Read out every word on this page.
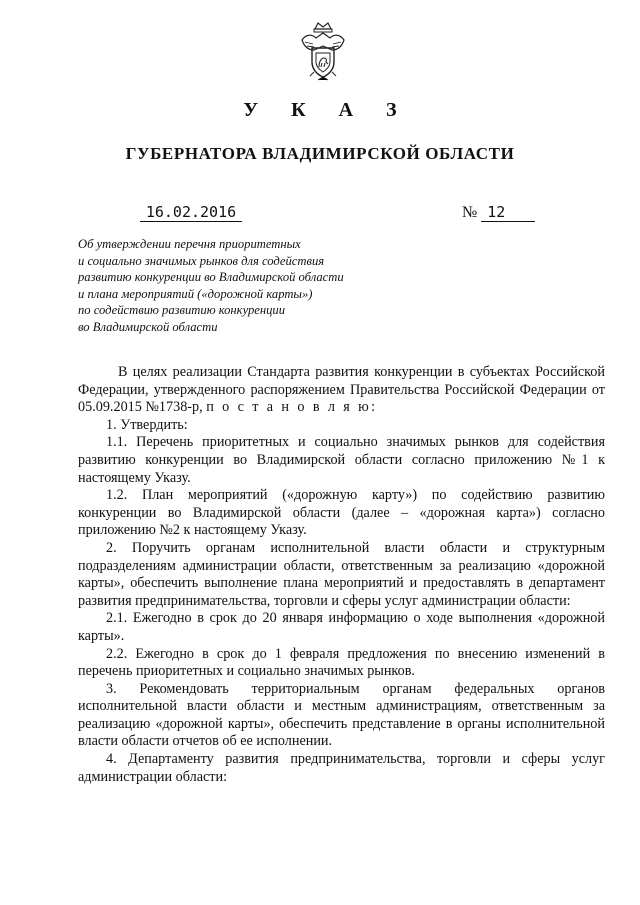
У К А З
ГУБЕРНАТОРА ВЛАДИМИРСКОЙ ОБЛАСТИ
16.02.2016	№ 12
Об утверждении перечня приоритетных
и социально значимых рынков для содействия
развитию конкуренции во Владимирской области
и плана мероприятий («дорожной карты»)
по содействию развитию конкуренции
во Владимирской области

В целях реализации Стандарта развития конкуренции в субъектах Российской Федерации, утвержденного распоряжением Правительства Российской Федерации от 05.09.2015 №1738-р, п о с т а н о в л я ю:

1. Утвердить:

1.1. Перечень приоритетных и социально значимых рынков для содействия развитию конкуренции во Владимирской области согласно приложению №1 к настоящему Указу.

1.2. План мероприятий («дорожную карту») по содействию развитию конкуренции во Владимирской области (далее – «дорожная карта») согласно приложению №2 к настоящему Указу.

2. Поручить органам исполнительной власти области и структурным подразделениям администрации области, ответственным за реализацию «дорожной карты», обеспечить выполнение плана мероприятий и предоставлять в департамент развития предпринимательства, торговли и сферы услуг администрации области:

2.1. Ежегодно в срок до 20 января информацию о ходе выполнения «дорожной карты».

2.2. Ежегодно в срок до 1 февраля предложения по внесению изменений в перечень приоритетных и социально значимых рынков.

3. Рекомендовать территориальным органам федеральных органов исполнительной власти области и местным администрациям, ответственным за реализацию «дорожной карты», обеспечить представление в органы исполнительной власти области отчетов об ее исполнении.

4. Департаменту развития предпринимательства, торговли и сферы услуг администрации области:
